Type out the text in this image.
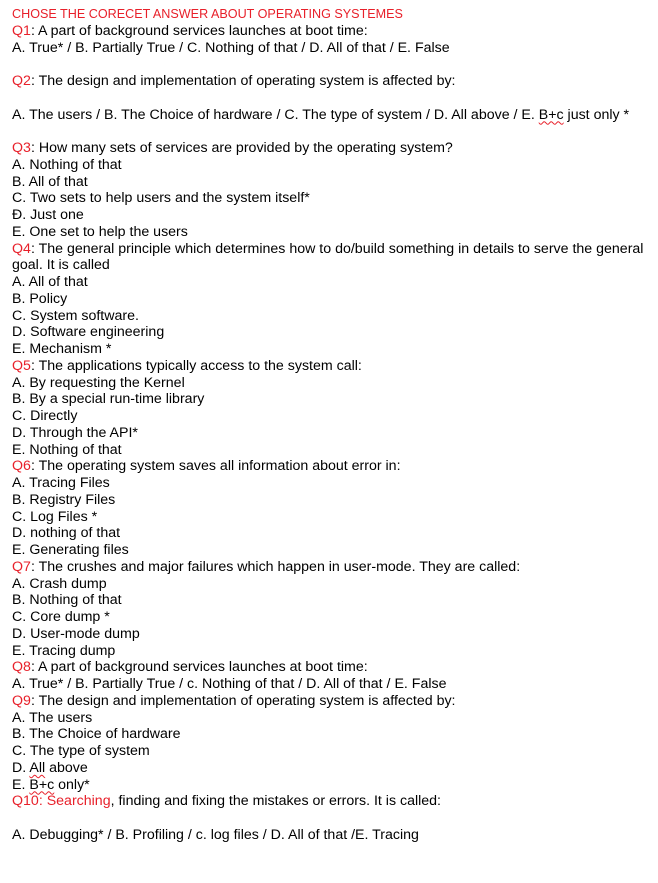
CHOSE THE CORECET ANSWER ABOUT OPERATING SYSTEMES
Q1: A part of background services launches at boot time:
A. True* / B. Partially True / C. Nothing of that / D. All of that / E. False
Q2: The design and implementation of operating system is affected by:
A. The users / B. The Choice of hardware / C. The type of system / D. All above / E. B+c just only *
Q3: How many sets of services are provided by the operating system?
A. Nothing of that
B. All of that
C. Two sets to help users and the system itself*
Đ. Just one
E. One set to help the users
Q4: The general principle which determines how to do/build something in details to serve the general goal. It is called
A. All of that
B. Policy
C. System software.
D. Software engineering
E. Mechanism *
Q5: The applications typically access to the system call:
A. By requesting the Kernel
B. By a special run-time library
C. Directly
D. Through the API*
E. Nothing of that
Q6: The operating system saves all information about error in:
A. Tracing Files
B. Registry Files
C. Log Files *
D. nothing of that
E. Generating files
Q7: The crushes and major failures which happen in user-mode. They are called:
A. Crash dump
B. Nothing of that
C. Core dump *
D. User-mode dump
E. Tracing dump
Q8: A part of background services launches at boot time:
A. True* / B. Partially True / c. Nothing of that / D. All of that / E. False
Q9: The design and implementation of operating system is affected by:
A. The users
B. The Choice of hardware
C. The type of system
D. All above
E. B+c only*
Q10: Searching, finding and fixing the mistakes or errors. It is called:
A. Debugging* / B. Profiling / c. log files / D. All of that /E. Tracing
